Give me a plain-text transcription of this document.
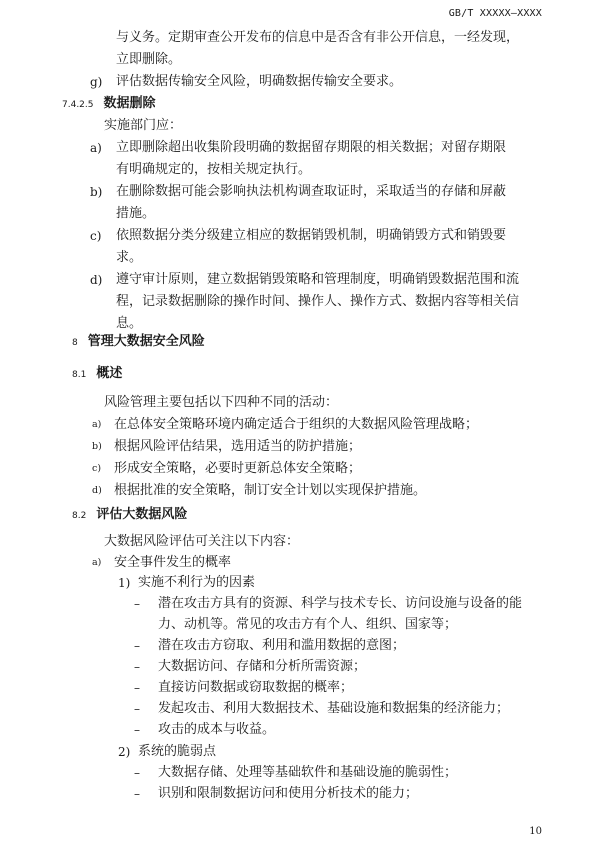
GB/T XXXXX—XXXX
与义务。定期审查公开发布的信息中是否含有非公开信息，一经发现，
立即删除。
g) 评估数据传输安全风险，明确数据传输安全要求。
7.4.2.5 数据删除
实施部门应：
a) 立即删除超出收集阶段明确的数据留存期限的相关数据；对留存期限
有明确规定的，按相关规定执行。
b) 在删除数据可能会影响执法机构调查取证时，采取适当的存储和屏蔽
措施。
c) 依照数据分类分级建立相应的数据销毁机制，明确销毁方式和销毁要
求。
d) 遵守审计原则，建立数据销毁策略和管理制度，明确销毁数据范围和流
程，记录数据删除的操作时间、操作人、操作方式、数据内容等相关信
息。
8 管理大数据安全风险
8.1 概述
风险管理主要包括以下四种不同的活动：
a) 在总体安全策略环境内确定适合于组织的大数据风险管理战略；
b) 根据风险评估结果，选用适当的防护措施；
c) 形成安全策略，必要时更新总体安全策略；
d) 根据批准的安全策略，制订安全计划以实现保护措施。
8.2 评估大数据风险
大数据风险评估可关注以下内容：
a) 安全事件发生的概率
1) 实施不利行为的因素
– 潜在攻击方具有的资源、科学与技术专长、访问设施与设备的能
力、动机等。常见的攻击方有个人、组织、国家等；
– 潜在攻击方窃取、利用和滥用数据的意图；
– 大数据访问、存储和分析所需资源；
– 直接访问数据或窃取数据的概率；
– 发起攻击、利用大数据技术、基础设施和数据集的经济能力；
– 攻击的成本与收益。
2) 系统的脆弱点
– 大数据存储、处理等基础软件和基础设施的脆弱性；
– 识别和限制数据访问和使用分析技术的能力；
10
